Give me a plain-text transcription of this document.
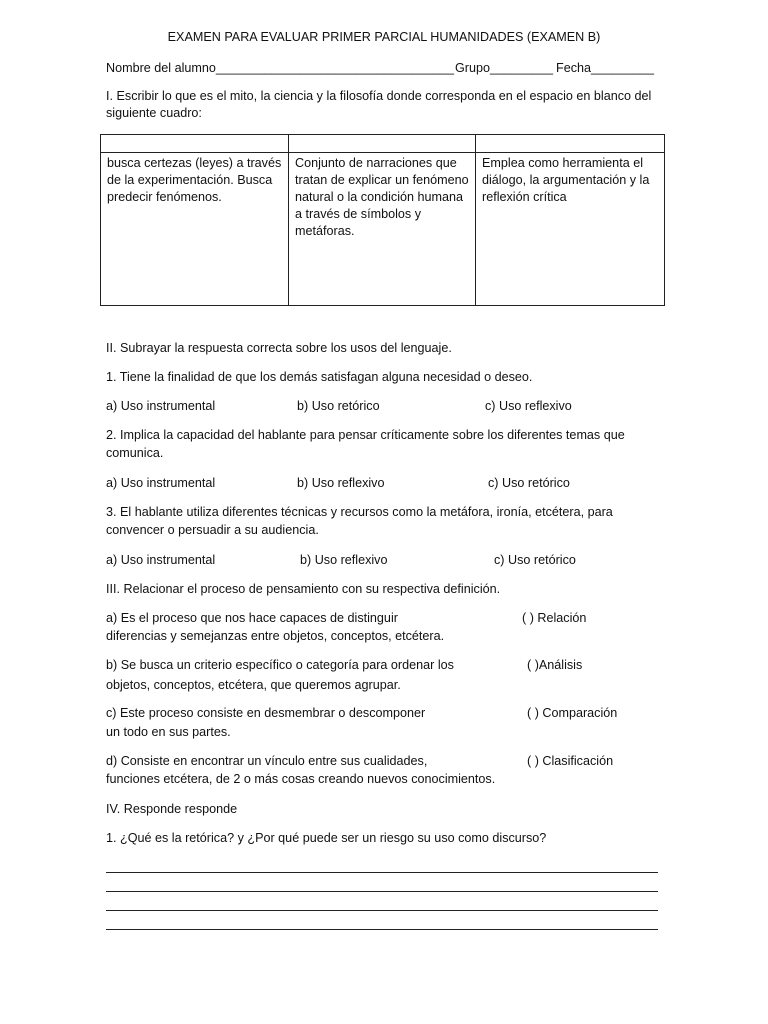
EXAMEN PARA EVALUAR PRIMER PARCIAL HUMANIDADES (EXAMEN B)
Nombre del alumno__________________________________ Grupo_________ Fecha_________
I. Escribir lo que es el mito, la ciencia y la filosofía donde corresponda en el espacio en blanco del
siguiente cuadro:

busca certezas (leyes) a través de la experimentación. Busca predecir fenómenos.	Conjunto de narraciones que tratan de explicar un fenómeno natural o la condición humana a través de símbolos y metáforas.	Emplea como herramienta el diálogo, la argumentación y la reflexión crítica
II. Subrayar la respuesta correcta sobre los usos del lenguaje.
1. Tiene la finalidad de que los demás satisfagan alguna necesidad o deseo.
a) Uso instrumental	b) Uso retórico	c) Uso reflexivo
2. Implica la capacidad del hablante para pensar críticamente sobre los diferentes temas que
comunica.
a) Uso instrumental	b) Uso reflexivo	c) Uso retórico
3. El hablante utiliza diferentes técnicas y recursos como la metáfora, ironía, etcétera, para
convencer o persuadir a su audiencia.
a) Uso instrumental	b) Uso reflexivo	c) Uso retórico
III. Relacionar el proceso de pensamiento con su respectiva definición.
a) Es el proceso que nos hace capaces de distinguir
diferencias y semejanzas entre objetos, conceptos, etcétera.
( ) Relación
b) Se busca un criterio específico o categoría para ordenar los
objetos, conceptos, etcétera, que queremos agrupar.
( )Análisis
c) Este proceso consiste en desmembrar o descomponer
un todo en sus partes.
( ) Comparación
d) Consiste en encontrar un vínculo entre sus cualidades,
funciones etcétera, de 2 o más cosas creando nuevos conocimientos.
( ) Clasificación
IV. Responde responde
1. ¿Qué es la retórica? y ¿Por qué puede ser un riesgo su uso como discurso?
